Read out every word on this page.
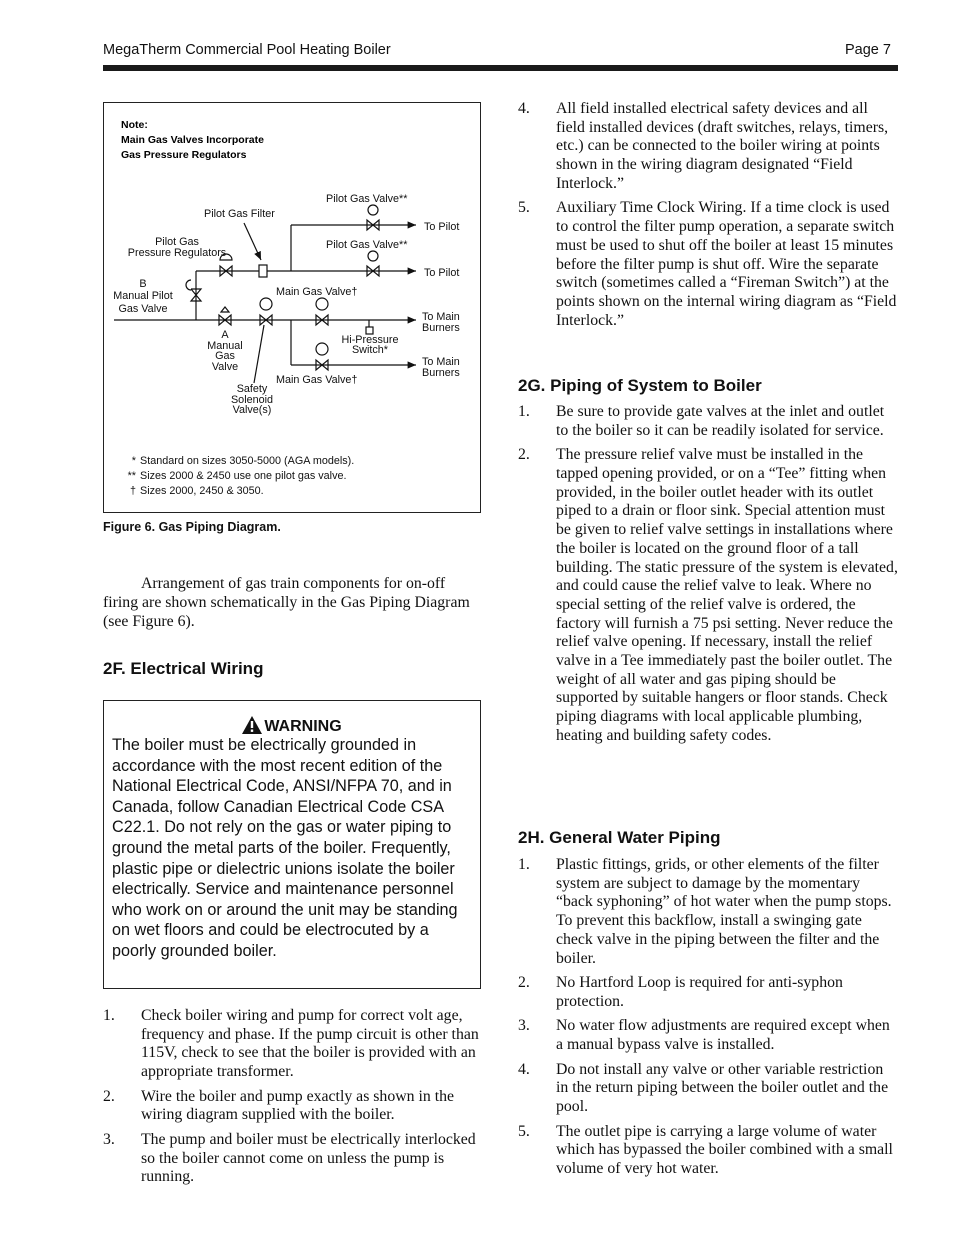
MegaTherm Commercial Pool Heating Boiler	Page 7
Note:
Main Gas Valves Incorporate
Gas Pressure Regulators
Pilot Gas Filter
Pilot Gas Valve**
Pilot Gas Valve**
To Pilot
To Pilot
Pilot Gas
Pressure Regulators
B
Manual Pilot
Gas Valve
Main Gas Valve†
Main Gas Valve†
To Main
Burners
To Main
Burners
Hi-Pressure
Switch*
A
Manual
Gas
Valve
Safety
Solenoid
Valve(s)
* Standard on sizes 3050-5000 (AGA models).
** Sizes 2000 & 2450 use one pilot gas valve.
† Sizes 2000, 2450 & 3050.
Figure 6. Gas Piping Diagram.

Arrangement of gas train components for on-off firing are shown schematically in the Gas Piping Diagram (see Figure 6).

2F. Electrical Wiring
WARNING

The boiler must be electrically grounded in accordance with the most recent edition of the National Electrical Code, ANSI/NFPA 70, and in Canada, follow Canadian Electrical Code CSA C22.1. Do not rely on the gas or water piping to ground the metal parts of the boiler. Frequently, plastic pipe or dielectric unions isolate the boiler electrically. Service and maintenance personnel who work on or around the unit may be standing on wet floors and could be electrocuted by a poorly grounded boiler.

1. Check boiler wiring and pump for correct volt age, frequency and phase. If the pump circuit is other than 115V, check to see that the boiler is provided with an appropriate transformer.
2. Wire the boiler and pump exactly as shown in the wiring diagram supplied with the boiler.
3. The pump and boiler must be electrically interlocked so the boiler cannot come on unless the pump is running.
4. All field installed electrical safety devices and all field installed devices (draft switches, relays, timers, etc.) can be connected to the boiler wiring at points shown in the wiring diagram designated “Field Interlock.”
5. Auxiliary Time Clock Wiring. If a time clock is used to control the filter pump operation, a separate switch must be used to shut off the boiler at least 15 minutes before the filter pump is shut off. Wire the separate switch (sometimes called a “Fireman Switch”) at the points shown on the internal wiring diagram as “Field Interlock.”
2G. Piping of System to Boiler
1. Be sure to provide gate valves at the inlet and outlet to the boiler so it can be readily isolated for service.
2. The pressure relief valve must be installed in the tapped opening provided, or on a “Tee” fitting when provided, in the boiler outlet header with its outlet piped to a drain or floor sink. Special attention must be given to relief valve settings in installations where the boiler is located on the ground floor of a tall building. The static pressure of the system is elevated, and could cause the relief valve to leak. Where no special setting of the relief valve is ordered, the factory will furnish a 75 psi setting. Never reduce the relief valve opening. If necessary, install the relief valve in a Tee immediately past the boiler outlet. The weight of all water and gas piping should be supported by suitable hangers or floor stands. Check piping diagrams with local applicable plumbing, heating and building safety codes.
2H. General Water Piping
1. Plastic fittings, grids, or other elements of the filter system are subject to damage by the momentary “back syphoning” of hot water when the pump stops. To prevent this backflow, install a swinging gate check valve in the piping between the filter and the boiler.
2. No Hartford Loop is required for anti-syphon protection.
3. No water flow adjustments are required except when a manual bypass valve is installed.
4. Do not install any valve or other variable restriction in the return piping between the boiler outlet and the pool.
5. The outlet pipe is carrying a large volume of water which has bypassed the boiler combined with a small volume of very hot water.
